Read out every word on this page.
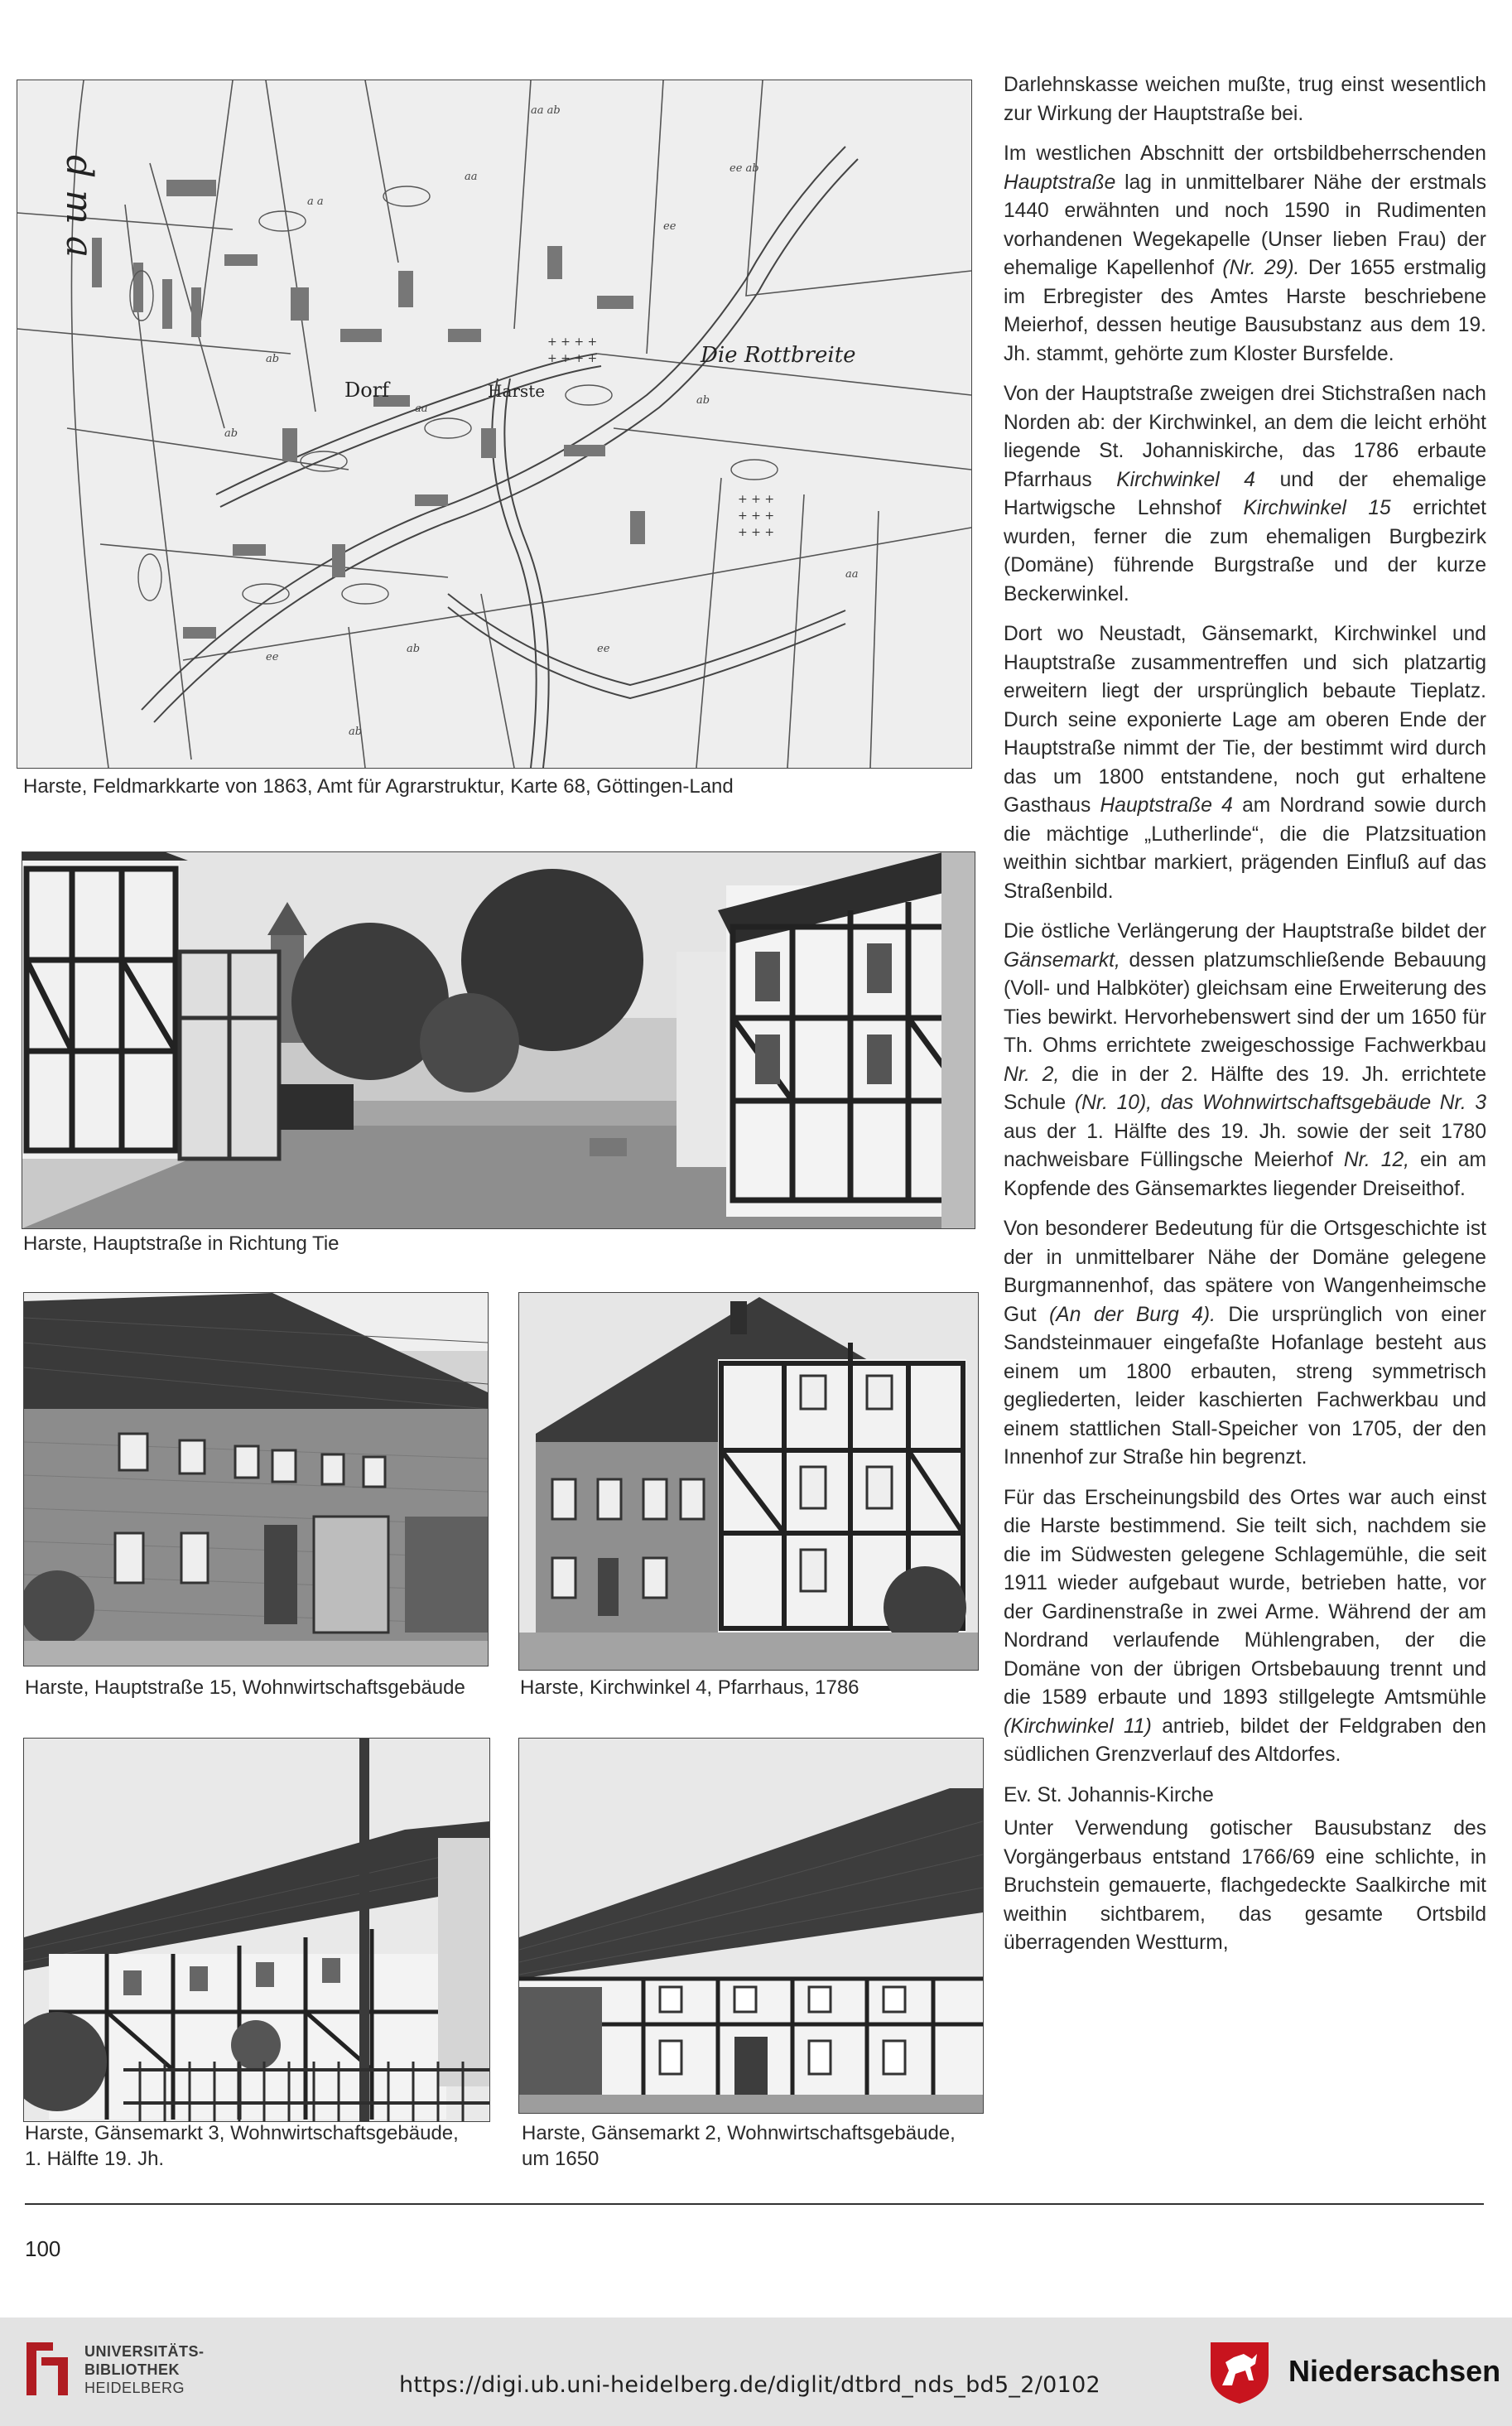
+ + + +
+ + + +
+ + +
+ + +
+ + +
aa ab
ee ab
a a
aa
ee
ab
aa
ab
ab
ee
ab	ee
aa
ab
Dorf	Harste
Die Rottbreite
d m a
Harste, Feldmarkkarte von 1863, Amt für Agrarstruktur, Karte 68, Göttingen-Land
Harste, Hauptstraße in Richtung Tie
Harste, Hauptstraße 15, Wohnwirtschaftsgebäude	Harste, Kirchwinkel 4, Pfarrhaus, 1786
Harste, Gänsemarkt 3, Wohnwirtschaftsgebäude,
1. Hälfte 19. Jh.
Harste, Gänsemarkt 2, Wohnwirtschaftsgebäude,
um 1650

Darlehnskasse weichen mußte, trug einst wesentlich zur Wirkung der Hauptstraße bei.

Im westlichen Abschnitt der ortsbildbeherrschenden Hauptstraße lag in unmittelbarer Nähe der erstmals 1440 erwähnten und noch 1590 in Rudimenten vorhandenen Wegekapelle (Unser lieben Frau) der ehemalige Kapellenhof (Nr. 29). Der 1655 erstmalig im Erbregister des Amtes Harste beschriebene Meierhof, dessen heutige Bausubstanz aus dem 19. Jh. stammt, gehörte zum Kloster Bursfelde.

Von der Hauptstraße zweigen drei Stichstraßen nach Norden ab: der Kirchwinkel, an dem die leicht erhöht liegende St. Johanniskirche, das 1786 erbaute Pfarrhaus Kirchwinkel 4 und der ehemalige Hartwigsche Lehnshof Kirchwinkel 15 errichtet wurden, ferner die zum ehemaligen Burgbezirk (Domäne) führende Burgstraße und der kurze Beckerwinkel.

Dort wo Neustadt, Gänsemarkt, Kirchwinkel und Hauptstraße zusammentreffen und sich platzartig erweitern liegt der ursprünglich bebaute Tieplatz. Durch seine exponierte Lage am oberen Ende der Hauptstraße nimmt der Tie, der bestimmt wird durch das um 1800 entstandene, noch gut erhaltene Gasthaus Hauptstraße 4 am Nordrand sowie durch die mächtige „Lutherlinde“, die die Platzsituation weithin sichtbar markiert, prägenden Einfluß auf das Straßenbild.

Die östliche Verlängerung der Hauptstraße bildet der Gänsemarkt, dessen platzumschließende Bebauung (Voll- und Halbköter) gleichsam eine Erweiterung des Ties bewirkt. Hervorhebenswert sind der um 1650 für Th. Ohms errichtete zweigeschossige Fachwerkbau Nr. 2, die in der 2. Hälfte des 19. Jh. errichtete Schule (Nr. 10), das Wohnwirtschaftsgebäude Nr. 3 aus der 1. Hälfte des 19. Jh. sowie der seit 1780 nachweisbare Füllingsche Meierhof Nr. 12, ein am Kopfende des Gänsemarktes liegender Dreiseithof.

Von besonderer Bedeutung für die Ortsgeschichte ist der in unmittelbarer Nähe der Domäne gelegene Burgmannenhof, das spätere von Wangenheimsche Gut (An der Burg 4). Die ursprünglich von einer Sandsteinmauer eingefaßte Hofanlage besteht aus einem um 1800 erbauten, streng symmetrisch gegliederten, leider kaschierten Fachwerkbau und einem stattlichen Stall-Speicher von 1705, der den Innenhof zur Straße hin begrenzt.

Für das Erscheinungsbild des Ortes war auch einst die Harste bestimmend. Sie teilt sich, nachdem sie die im Südwesten gelegene Schlagemühle, die seit 1911 wieder aufgebaut wurde, betrieben hatte, vor der Gardinenstraße in zwei Arme. Während der am Nordrand verlaufende Mühlengraben, der die Domäne von der übrigen Ortsbebauung trennt und die 1589 erbaute und 1893 stillgelegte Amtsmühle (Kirchwinkel 11) antrieb, bildet der Feldgraben den südlichen Grenzverlauf des Altdorfes.

Ev. St. Johannis-Kirche

Unter Verwendung gotischer Bausubstanz des Vorgängerbaus entstand 1766/69 eine schlichte, in Bruchstein gemauerte, flachgedeckte Saalkirche mit weithin sichtbarem, das gesamte Ortsbild überragenden Westturm,

100
UNIVERSITÄTS-
BIBLIOTHEK
HEIDELBERG	https://digi.ub.uni-heidelberg.de/diglit/dtbrd_nds_bd5_2/0102	Niedersachsen
